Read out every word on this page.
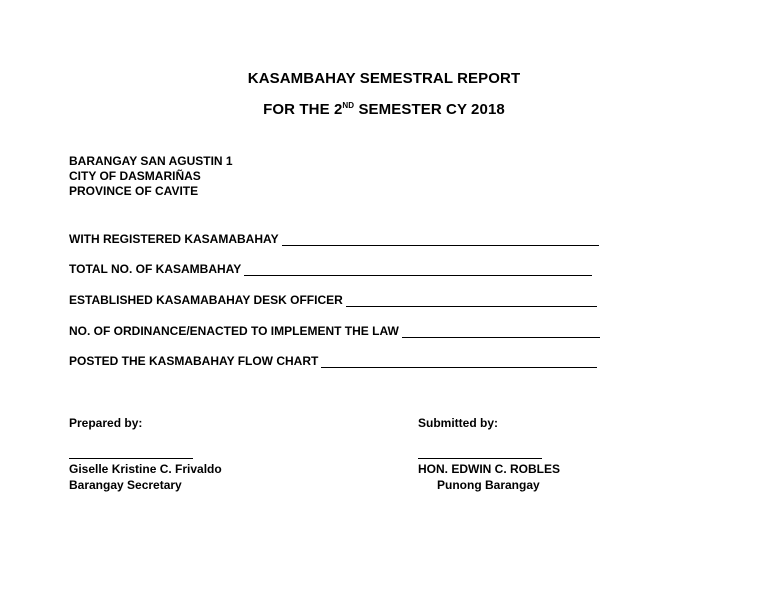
KASAMBAHAY SEMESTRAL REPORT
FOR THE 2ND SEMESTER CY 2018
BARANGAY SAN AGUSTIN 1
CITY OF DASMARIÑAS
PROVINCE OF CAVITE
WITH REGISTERED KASAMABAHAY
TOTAL NO. OF KASAMBAHAY
ESTABLISHED KASAMABAHAY DESK OFFICER
NO. OF ORDINANCE/ENACTED TO IMPLEMENT THE LAW
POSTED THE KASMABAHAY FLOW CHART
Prepared by:
Giselle Kristine C. Frivaldo
Barangay Secretary
Submitted by:
HON. EDWIN C. ROBLES
Punong Barangay
